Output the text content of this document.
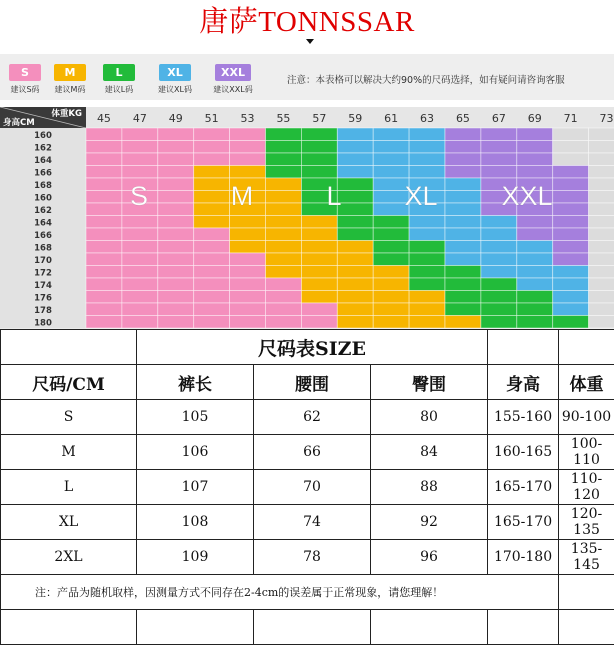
唐萨TONNSSAR
S
建议S码
M
建议M码
L
建议L码
XL
建议XL码
XXL
建议XXL码
注意：本表格可以解决大约90%的尺码选择，如有疑问请咨询客服
体重KG
身高CM	45 47 49 51 53 55 57 59 61 63 65 67 69 71 73
160
162
164
166
168
160
162
164
166
168
170
172
174
176
178
180
S	M	L XL XXL
	尺码表SIZE				
尺码/CM	裤长	腰围	臀围	身高	体重
S	105	62	80	155-160	90-100
M	106	66	84	160-165	100-110
L	107	70	88	165-170	110-120
XL	108	74	92	165-170	120-135
2XL	109	78	96	170-180	135-145
注：产品为随机取样，因测量方式不同存在2-4cm的误差属于正常现象，请您理解！					
